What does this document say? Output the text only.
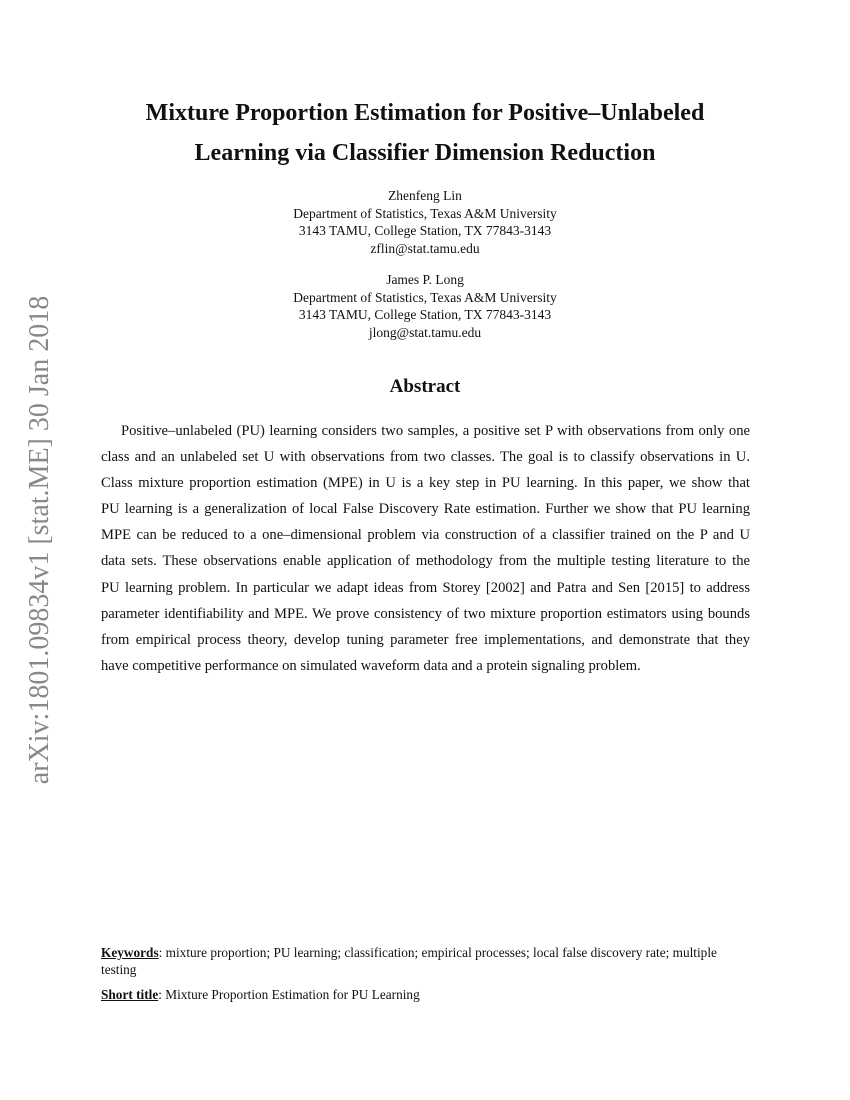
arXiv:1801.09834v1 [stat.ME] 30 Jan 2018
Mixture Proportion Estimation for Positive–Unlabeled
Learning via Classifier Dimension Reduction
Zhenfeng Lin
Department of Statistics, Texas A&M University
3143 TAMU, College Station, TX 77843-3143
zflin@stat.tamu.edu
James P. Long
Department of Statistics, Texas A&M University
3143 TAMU, College Station, TX 77843-3143
jlong@stat.tamu.edu
Abstract
Positive–unlabeled (PU) learning considers two samples, a positive set P with observations from only one
class and an unlabeled set U with observations from two classes. The goal is to classify observations in U.
Class mixture proportion estimation (MPE) in U is a key step in PU learning. In this paper, we show that
PU learning is a generalization of local False Discovery Rate estimation. Further we show that PU learning
MPE can be reduced to a one–dimensional problem via construction of a classifier trained on the P and U
data sets. These observations enable application of methodology from the multiple testing literature to the
PU learning problem. In particular we adapt ideas from Storey [2002] and Patra and Sen [2015] to address
parameter identifiability and MPE. We prove consistency of two mixture proportion estimators using bounds
from empirical process theory, develop tuning parameter free implementations, and demonstrate that they
have competitive performance on simulated waveform data and a protein signaling problem.
Keywords: mixture proportion; PU learning; classification; empirical processes; local false discovery rate; multiple testing
Short title: Mixture Proportion Estimation for PU Learning
